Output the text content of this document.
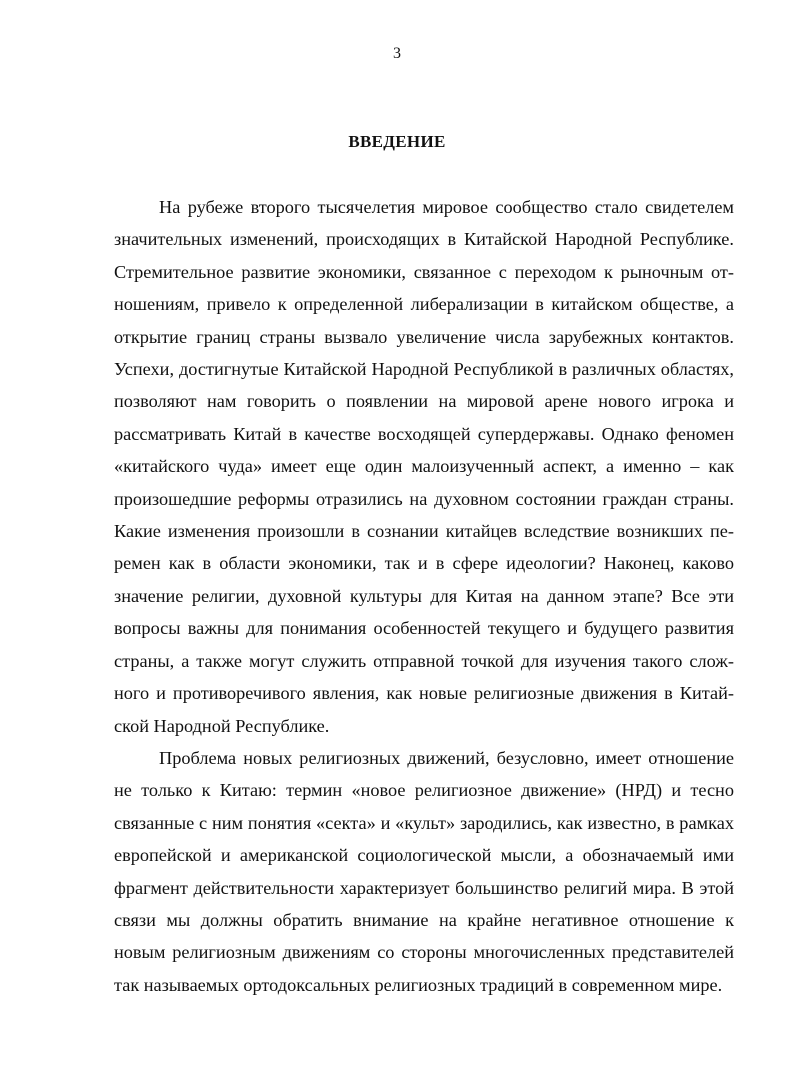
3
ВВЕДЕНИЕ

На рубеже второго тысячелетия мировое сообщество стало свидетелем значительных изменений, происходящих в Китайской Народной Республике. Стремительное развитие экономики, связанное с переходом к рыночным отношениям, привело к определенной либерализации в китайском обществе, а открытие границ страны вызвало увеличение числа зарубежных контактов. Успехи, достигнутые Китайской Народной Республикой в различных областях, позволяют нам говорить о появлении на мировой арене нового игрока и рассматривать Китай в качестве восходящей супердержавы. Однако феномен «китайского чуда» имеет еще один малоизученный аспект, а именно – как произошедшие реформы отразились на духовном состоянии граждан страны. Какие изменения произошли в сознании китайцев вследствие возникших перемен как в области экономики, так и в сфере идеологии? Наконец, каково значение религии, духовной культуры для Китая на данном этапе? Все эти вопросы важны для понимания особенностей текущего и будущего развития страны, а также могут служить отправной точкой для изучения такого сложного и противоречивого явления, как новые религиозные движения в Китайской Народной Республике.

Проблема новых религиозных движений, безусловно, имеет отношение не только к Китаю: термин «новое религиозное движение» (НРД) и тесно связанные с ним понятия «секта» и «культ» зародились, как известно, в рамках европейской и американской социологической мысли, а обозначаемый ими фрагмент действительности характеризует большинство религий мира. В этой связи мы должны обратить внимание на крайне негативное отношение к новым религиозным движениям со стороны многочисленных представителей так называемых ортодоксальных религиозных традиций в современном мире.
